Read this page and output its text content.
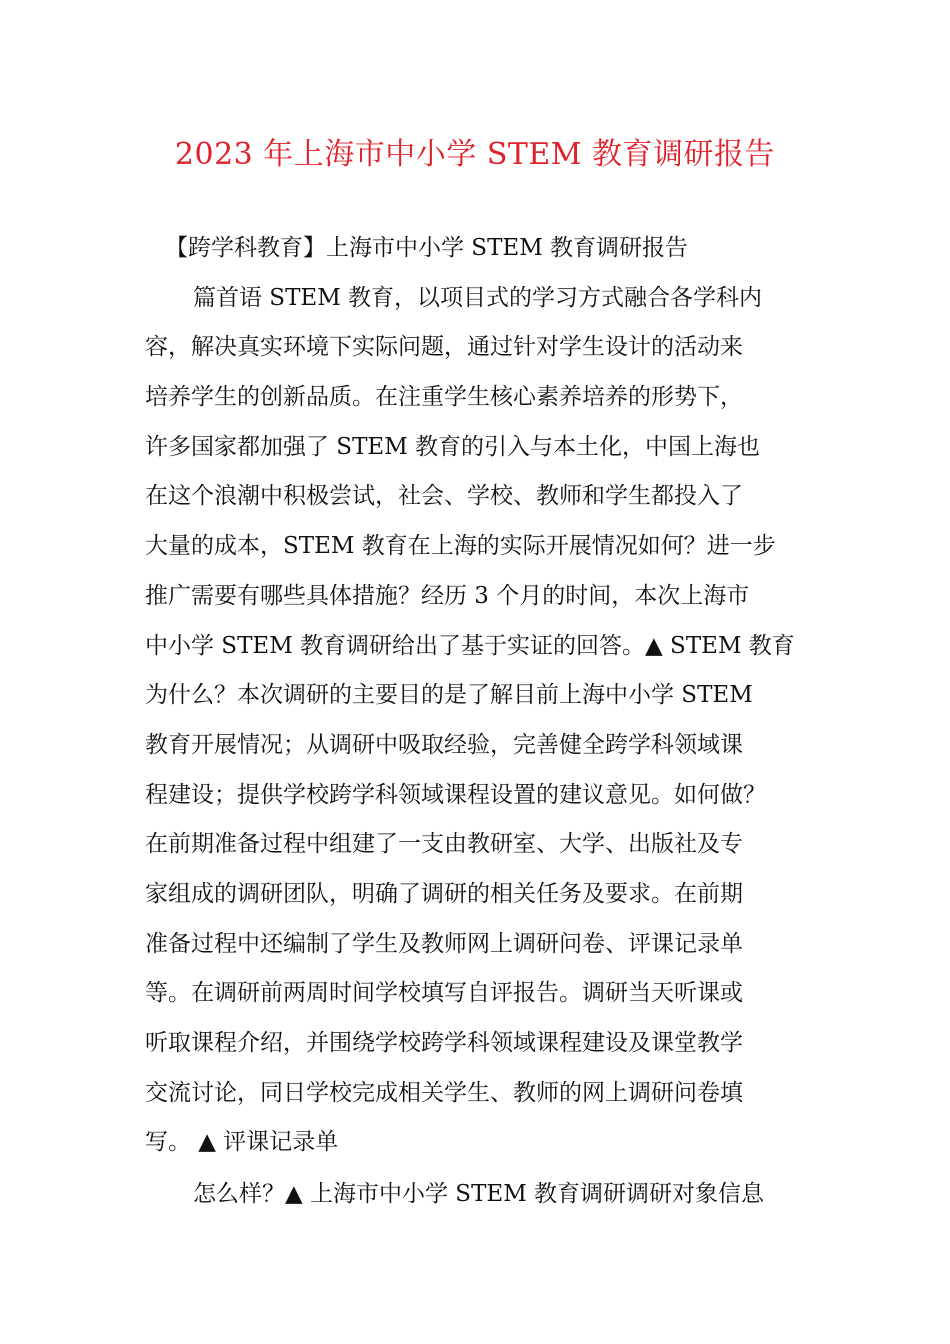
2023 年上海市中小学 STEM 教育调研报告
【跨学科教育】上海市中小学 STEM 教育调研报告
篇首语 STEM 教育，以项目式的学习方式融合各学科内
容，解决真实环境下实际问题，通过针对学生设计的活动来
培养学生的创新品质。在注重学生核心素养培养的形势下，
许多国家都加强了 STEM 教育的引入与本土化，中国上海也
在这个浪潮中积极尝试，社会、学校、教师和学生都投入了
大量的成本，STEM 教育在上海的实际开展情况如何？进一步
推广需要有哪些具体措施？经历 3 个月的时间，本次上海市
中小学 STEM 教育调研给出了基于实证的回答。▲ STEM 教育
为什么？本次调研的主要目的是了解目前上海中小学 STEM
教育开展情况；从调研中吸取经验，完善健全跨学科领域课
程建设；提供学校跨学科领域课程设置的建议意见。如何做？
在前期准备过程中组建了一支由教研室、大学、出版社及专
家组成的调研团队，明确了调研的相关任务及要求。在前期
准备过程中还编制了学生及教师网上调研问卷、评课记录单
等。在调研前两周时间学校填写自评报告。调研当天听课或
听取课程介绍，并围绕学校跨学科领域课程建设及课堂教学
交流讨论，同日学校完成相关学生、教师的网上调研问卷填
写。 ▲ 评课记录单
怎么样？▲ 上海市中小学 STEM 教育调研调研对象信息
